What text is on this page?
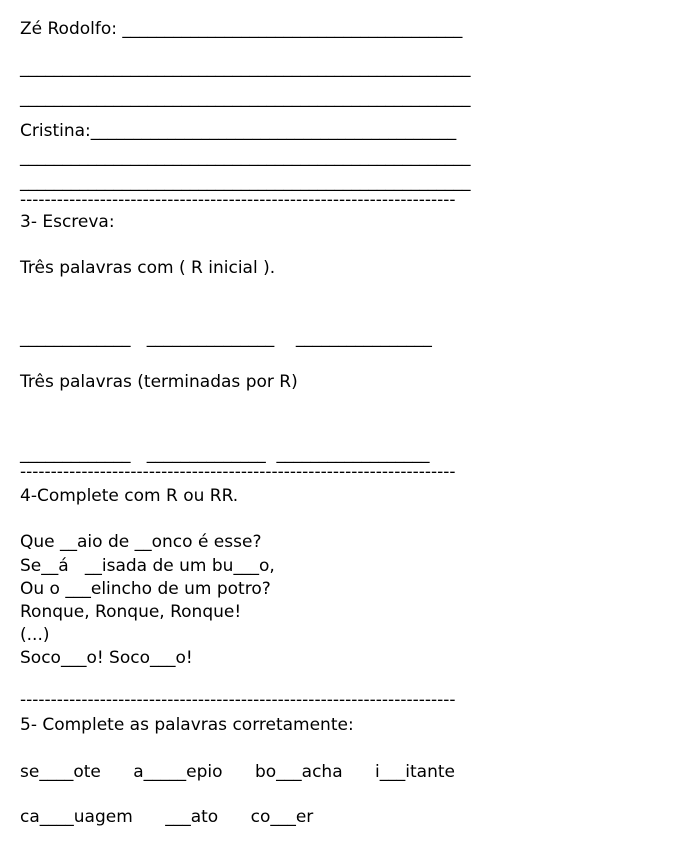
Zé Rodolfo: ________________________________________
_____________________________________________________
_____________________________________________________
Cristina:___________________________________________
_____________________________________________________
_____________________________________________________
-----------------------------------------------------------------------
3- Escreva:
Três palavras com ( R inicial ).
_____________   _______________    ________________
Três palavras (terminadas por R)
_____________   ______________  __________________
-----------------------------------------------------------------------
4-Complete com R ou RR.
Que __aio de __onco é esse?
Se__á   __isada de um bu___o,
Ou o ___elincho de um potro?
Ronque, Ronque, Ronque!
(...)
Soco___o! Soco___o!
-----------------------------------------------------------------------
5- Complete as palavras corretamente:
se____ote      a_____epio      bo___acha      i___itante
ca____uagem      ___ato      co___er
